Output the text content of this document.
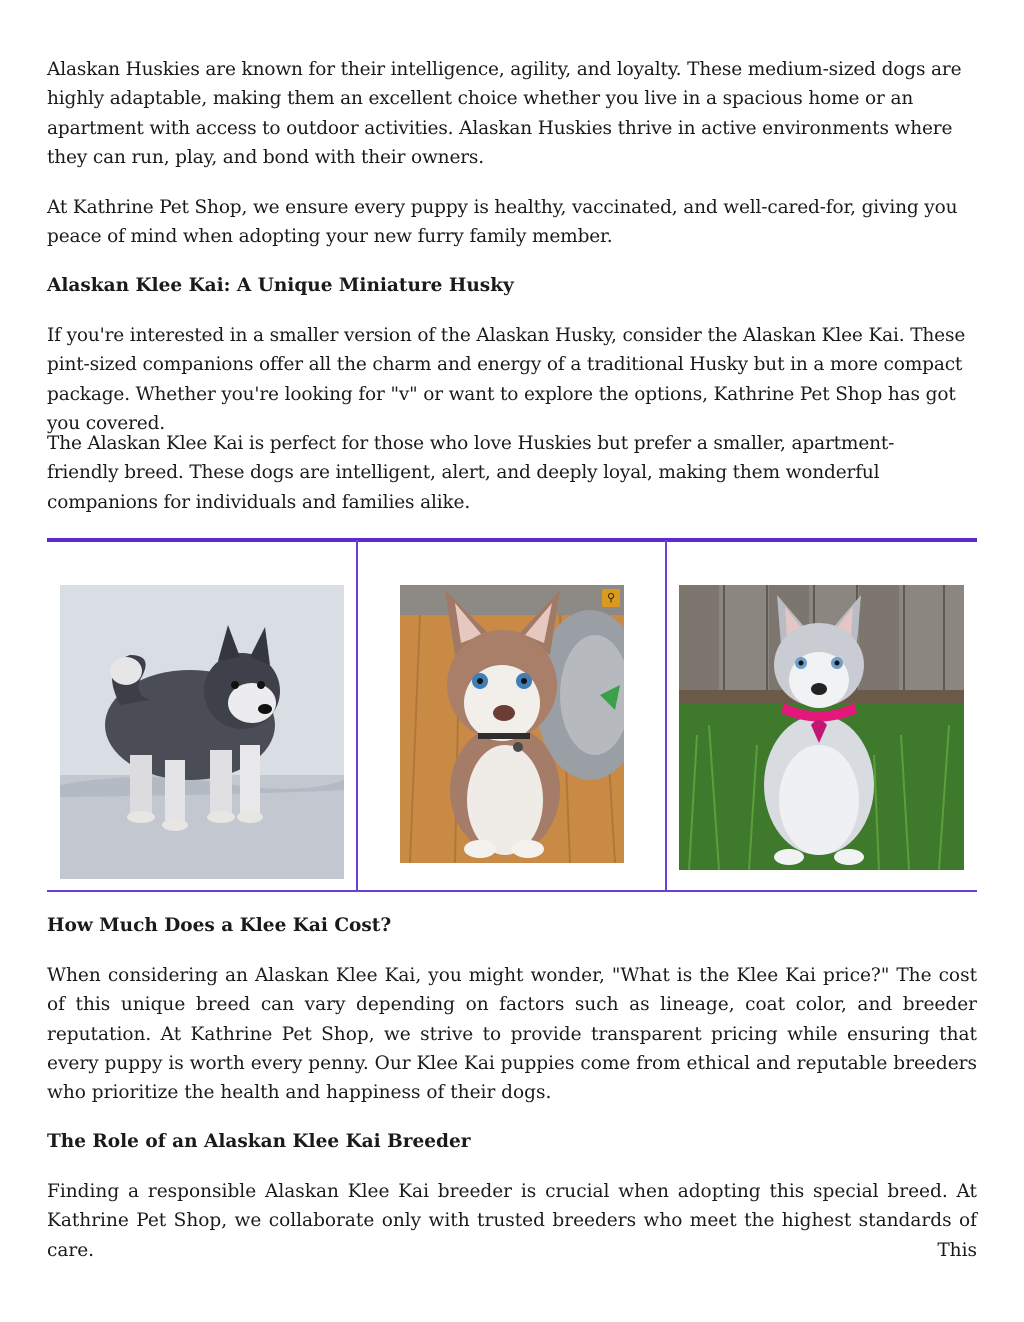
Alaskan Huskies are known for their intelligence, agility, and loyalty. These medium-sized dogs are highly adaptable, making them an excellent choice whether you live in a spacious home or an apartment with access to outdoor activities. Alaskan Huskies thrive in active environments where they can run, play, and bond with their owners.

At Kathrine Pet Shop, we ensure every puppy is healthy, vaccinated, and well-cared-for, giving you peace of mind when adopting your new furry family member.

Alaskan Klee Kai: A Unique Miniature Husky

If you're interested in a smaller version of the Alaskan Husky, consider the Alaskan Klee Kai. These pint-sized companions offer all the charm and energy of a traditional Husky but in a more compact package. Whether you're looking for "v" or want to explore the options, Kathrine Pet Shop has got you covered.

The Alaskan Klee Kai is perfect for those who love Huskies but prefer a smaller, apartment-friendly breed. These dogs are intelligent, alert, and deeply loyal, making them wonderful companions for individuals and families alike.

How Much Does a Klee Kai Cost?

When considering an Alaskan Klee Kai, you might wonder, "What is the Klee Kai price?" The cost of this unique breed can vary depending on factors such as lineage, coat color, and breeder reputation. At Kathrine Pet Shop, we strive to provide transparent pricing while ensuring that every puppy is worth every penny. Our Klee Kai puppies come from ethical and reputable breeders who prioritize the health and happiness of their dogs.

The Role of an Alaskan Klee Kai Breeder

Finding a responsible Alaskan Klee Kai breeder is crucial when adopting this special breed. At Kathrine Pet Shop, we collaborate only with trusted breeders who meet the highest standards of care. This

⚲
